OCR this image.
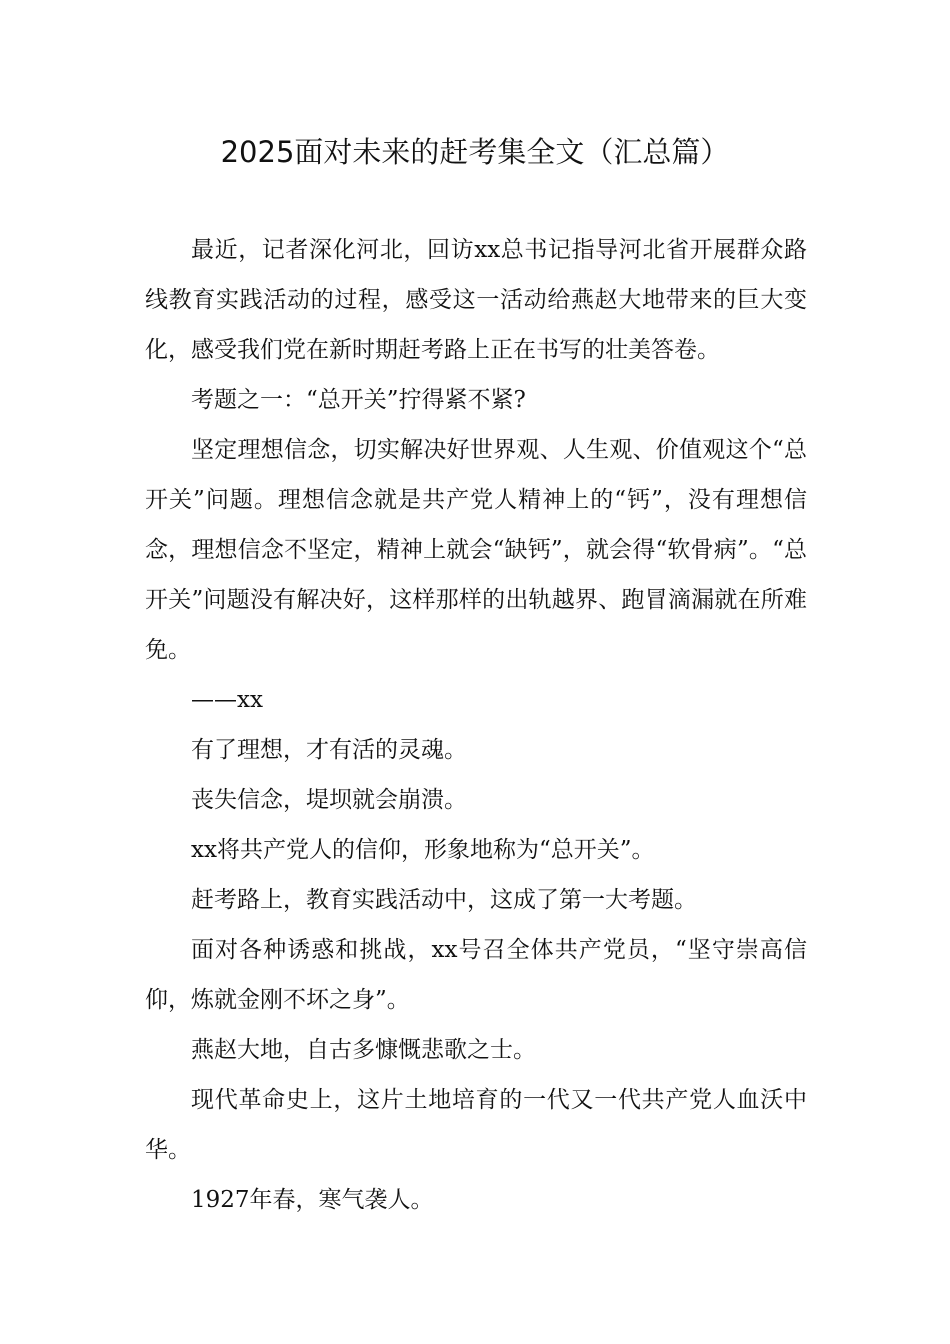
2025面对未来的赶考集全文（汇总篇）

最近，记者深化河北，回访xx总书记指导河北省开展群众路线教育实践活动的过程，感受这一活动给燕赵大地带来的巨大变化，感受我们党在新时期赶考路上正在书写的壮美答卷。

考题之一：“总开关”拧得紧不紧?

坚定理想信念，切实解决好世界观、人生观、价值观这个“总开关”问题。理想信念就是共产党人精神上的“钙”，没有理想信念，理想信念不坚定，精神上就会“缺钙”，就会得“软骨病”。“总开关”问题没有解决好，这样那样的出轨越界、跑冒滴漏就在所难免。

——xx

有了理想，才有活的灵魂。

丧失信念，堤坝就会崩溃。

xx将共产党人的信仰，形象地称为“总开关”。

赶考路上，教育实践活动中，这成了第一大考题。

面对各种诱惑和挑战，xx号召全体共产党员，“坚守崇高信仰，炼就金刚不坏之身”。

燕赵大地，自古多慷慨悲歌之士。

现代革命史上，这片土地培育的一代又一代共产党人血沃中华。

1927年春，寒气袭人。
